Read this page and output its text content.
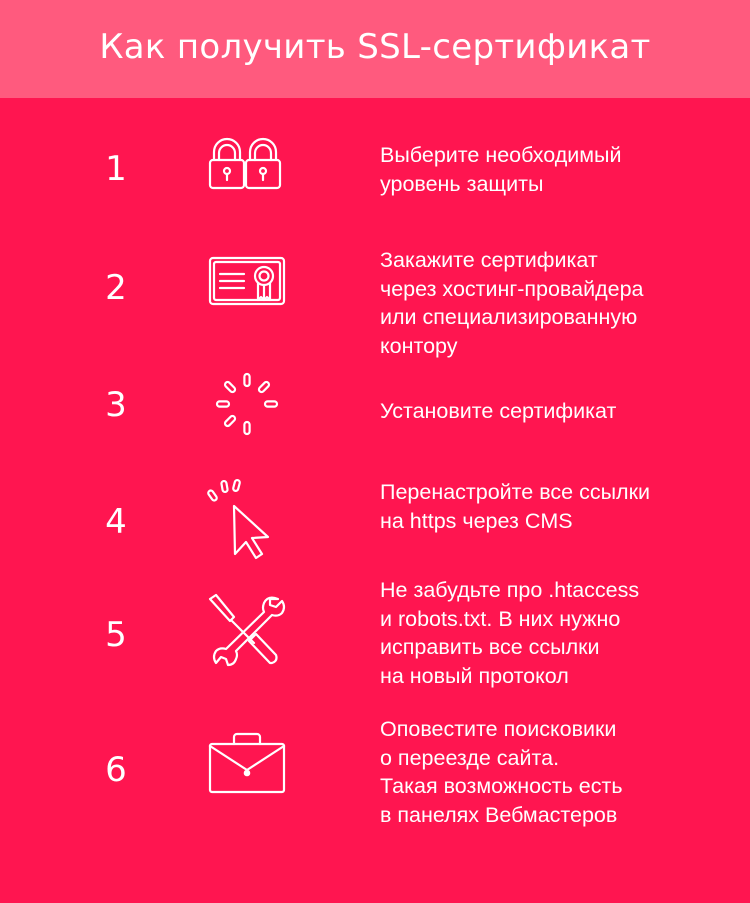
Как получить SSL-сертификат
1	Выберите необходимый
уровень защиты
2
Закажите сертификат
через хостинг-провайдера
или специализированную
контору
3	Установите сертификат
4
Перенастройте все ссылки
на https через CMS
5
Не забудьте про .htaccess
и robots.txt. В них нужно
исправить все ссылки
на новый протокол
6
Оповестите поисковики
о переезде сайта.
Такая возможность есть
в панелях Вебмастеров
